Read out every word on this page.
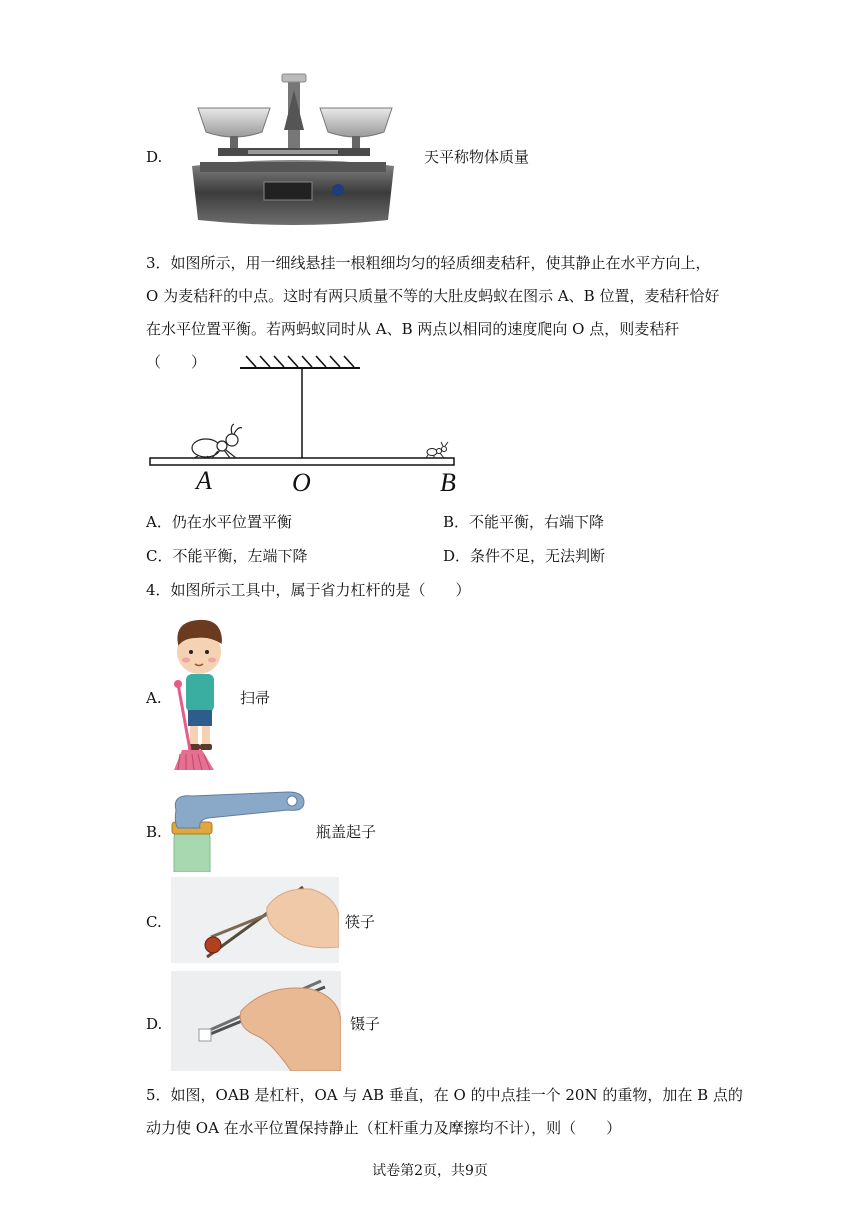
D.	天平称物体质量
3．如图所示，用一细线悬挂一根粗细均匀的轻质细麦秸秆，使其静止在水平方向上，
O 为麦秸秆的中点。这时有两只质量不等的大肚皮蚂蚁在图示 A、B 位置，麦秸秆恰好
在水平位置平衡。若两蚂蚁同时从 A、B 两点以相同的速度爬向 O 点，则麦秸秆（　　）
A	O	B
A．仍在水平位置平衡	B．不能平衡，右端下降
C．不能平衡，左端下降	D．条件不足，无法判断
4．如图所示工具中，属于省力杠杆的是（　　）
A.	扫帚
B.	瓶盖起子
C.	筷子
D.	镊子
5．如图，OAB 是杠杆，OA 与 AB 垂直，在 O 的中点挂一个 20N 的重物，加在 B 点的
动力使 OA 在水平位置保持静止（杠杆重力及摩擦均不计），则（　　）
试卷第2页，共9页
